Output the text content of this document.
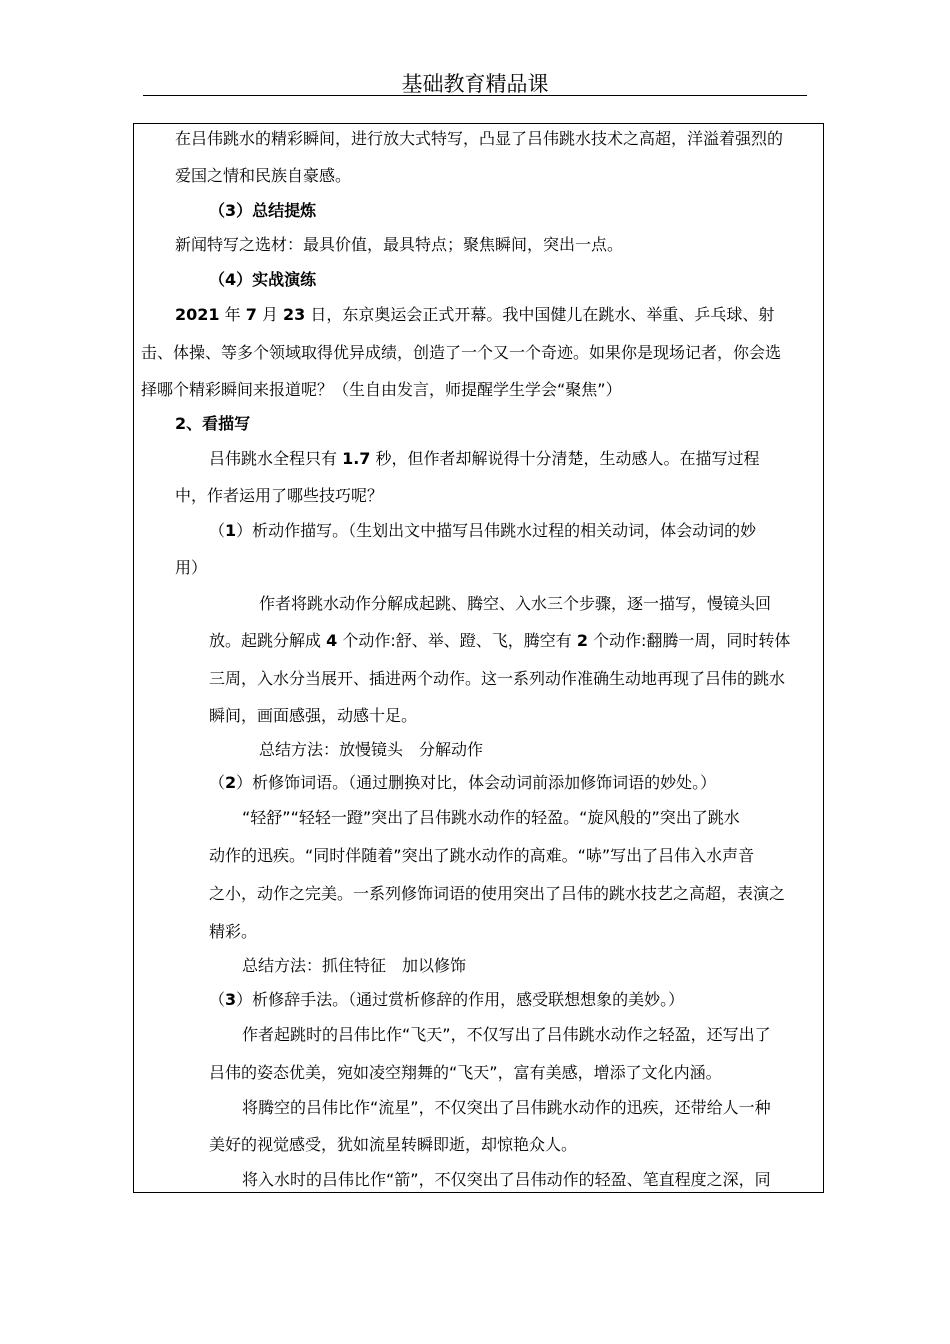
基础教育精品课
在吕伟跳水的精彩瞬间，进行放大式特写，凸显了吕伟跳水技术之高超，洋溢着强烈的
爱国之情和民族自豪感。
（3）总结提炼
新闻特写之选材：最具价值，最具特点；聚焦瞬间，突出一点。
（4）实战演练
2021 年 7 月 23 日，东京奥运会正式开幕。我中国健儿在跳水、举重、乒乓球、射
击、体操、等多个领域取得优异成绩，创造了一个又一个奇迹。如果你是现场记者，你会选
择哪个精彩瞬间来报道呢？（生自由发言，师提醒学生学会“聚焦”）
2、看描写
吕伟跳水全程只有 1.7 秒，但作者却解说得十分清楚，生动感人。在描写过程
中，作者运用了哪些技巧呢？
（1）析动作描写。（生划出文中描写吕伟跳水过程的相关动词，体会动词的妙
用）
作者将跳水动作分解成起跳、腾空、入水三个步骤，逐一描写，慢镜头回
放。起跳分解成 4 个动作:舒、举、蹬、飞，腾空有 2 个动作:翻腾一周，同时转体
三周，入水分当展开、插进两个动作。这一系列动作准确生动地再现了吕伟的跳水
瞬间，画面感强，动感十足。
总结方法：放慢镜头　分解动作
（2）析修饰词语。（通过删换对比，体会动词前添加修饰词语的妙处。）
“轻舒”“轻轻一蹬”突出了吕伟跳水动作的轻盈。“旋风般的”突出了跳水
动作的迅疾。“同时伴随着”突出了跳水动作的高难。“哧”写出了吕伟入水声音
之小，动作之完美。一系列修饰词语的使用突出了吕伟的跳水技艺之高超，表演之
精彩。
总结方法：抓住特征　加以修饰
（3）析修辞手法。（通过赏析修辞的作用，感受联想想象的美妙。）
作者起跳时的吕伟比作“飞天”，不仅写出了吕伟跳水动作之轻盈，还写出了
吕伟的姿态优美，宛如凌空翔舞的“飞天”，富有美感，增添了文化内涵。
将腾空的吕伟比作“流星”，不仅突出了吕伟跳水动作的迅疾，还带给人一种
美好的视觉感受，犹如流星转瞬即逝，却惊艳众人。
将入水时的吕伟比作“箭”，不仅突出了吕伟动作的轻盈、笔直程度之深，同
